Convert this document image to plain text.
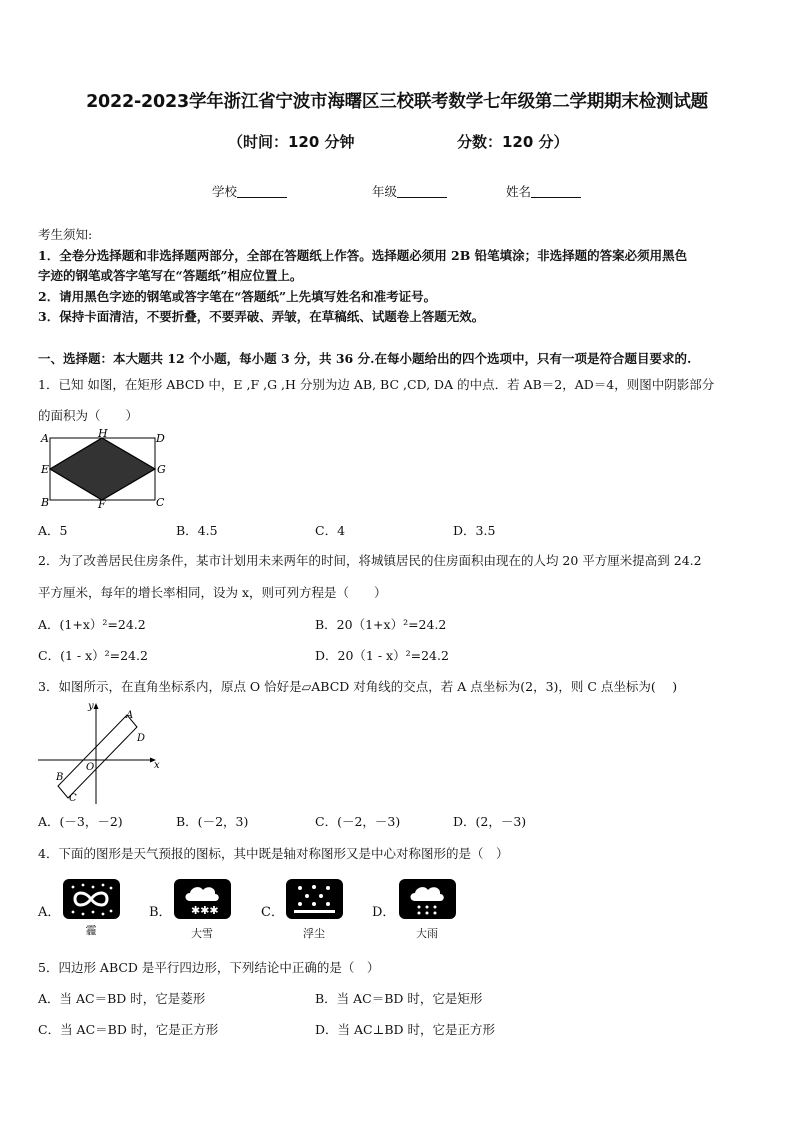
2022-2023学年浙江省宁波市海曙区三校联考数学七年级第二学期期末检测试题
（时间：120 分钟	分数：120 分）
学校	年级	姓名
考生须知:
1．全卷分选择题和非选择题两部分，全部在答题纸上作答。选择题必须用 2B 铅笔填涂；非选择题的答案必须用黑色
字迹的钢笔或答字笔写在“答题纸”相应位置上。
2．请用黑色字迹的钢笔或答字笔在“答题纸”上先填写姓名和准考证号。
3．保持卡面清洁，不要折叠，不要弄破、弄皱，在草稿纸、试题卷上答题无效。
一、选择题：本大题共 12 个小题，每小题 3 分，共 36 分.在每小题给出的四个选项中，只有一项是符合题目要求的.
1．已知 如图，在矩形 ABCD 中，E ,F ,G ,H 分别为边 AB, BC ,CD, DA 的中点．若 AB＝2，AD＝4，则图中阴影部分
的面积为（　　）
A	H	D
E	G
B	F	C
A．5	B．4.5	C．4	D．3.5
2．为了改善居民住房条件，某市计划用未来两年的时间，将城镇居民的住房面积由现在的人均 20 平方厘米提高到 24.2
平方厘米，每年的增长率相同，设为 x，则可列方程是（　　）
A．(1+x）²=24.2	B．20（1+x）²=24.2
C．(1 - x）²=24.2	D．20（1 - x）²=24.2
3．如图所示，在直角坐标系内，原点 O 恰好是▱ABCD 对角线的交点，若 A 点坐标为(2，3)，则 C 点坐标为(　 )
x
y
O
A
D
B
C
A．(－3，－2)	B．(－2，3)	C．(－2，－3)	D．(2，－3)
4．下面的图形是天气预报的图标，其中既是轴对称图形又是中心对称图形的是（　）
A．
霾
B． ✱✱✱
大雪
C．
浮尘
D．
大雨
5．四边形 ABCD 是平行四边形，下列结论中正确的是（　）
A．当 AC＝BD 时，它是菱形	B．当 AC＝BD 时，它是矩形
C．当 AC＝BD 时，它是正方形	D．当 AC⊥BD 时，它是正方形
